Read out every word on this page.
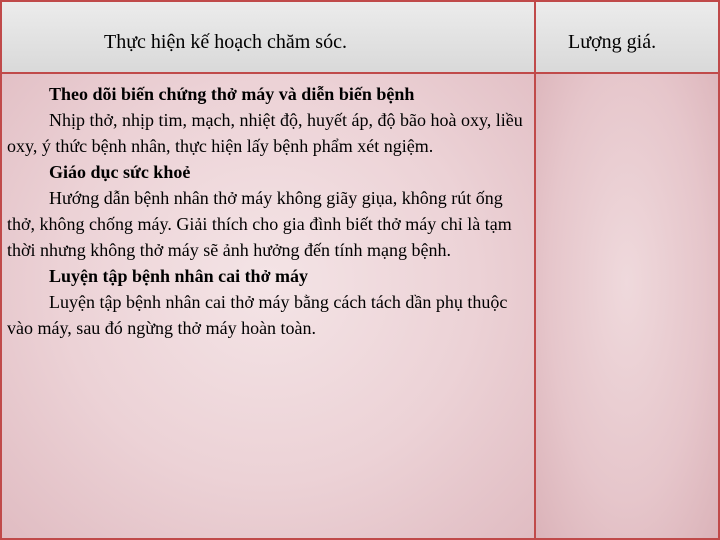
Thực hiện kế hoạch chăm sóc.	Lượng giá.

Theo dõi biến chứng thở máy và diễn biến bệnh

Nhịp thở, nhịp tim, mạch, nhiệt độ, huyết áp, độ bão hoà oxy, liều oxy, ý thức bệnh nhân, thực hiện lấy bệnh phẩm xét ngiệm.

Giáo dục sức khoẻ

Hướng dẫn bệnh nhân thở máy không giãy giụa, không rút ống thở, không chống máy. Giải thích cho gia đình biết thở máy chỉ là tạm thời nhưng không thở máy sẽ ảnh hưởng đến tính mạng bệnh.

Luyện tập bệnh nhân cai thở máy

Luyện tập bệnh nhân cai thở máy bằng cách tách dần phụ thuộc vào máy, sau đó ngừng thở máy hoàn toàn.
